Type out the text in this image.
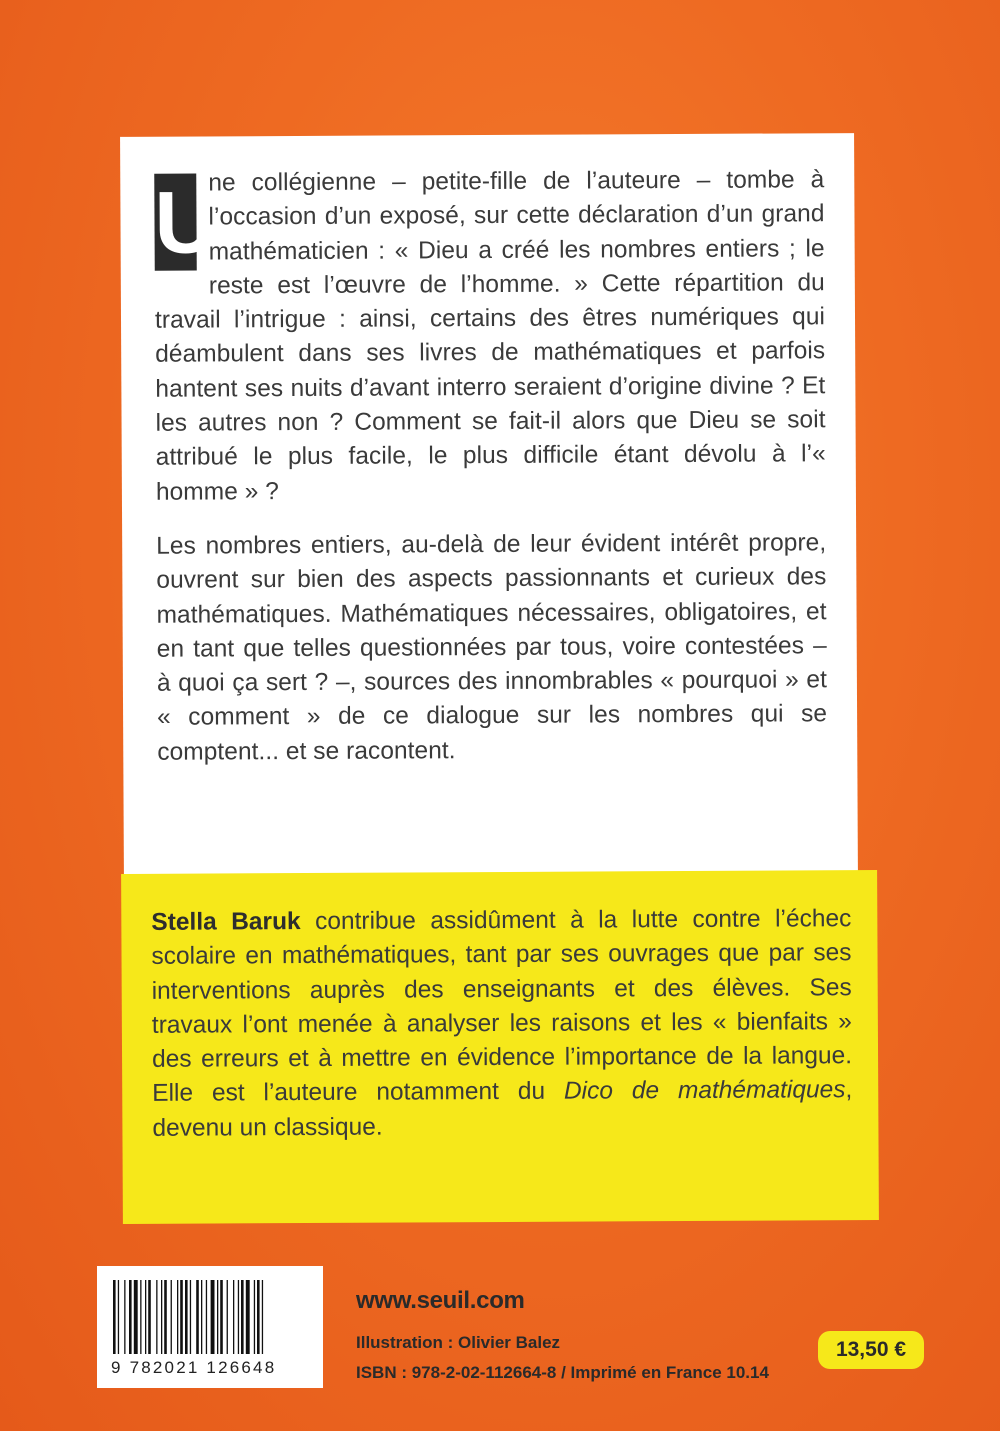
U
ne collégienne – petite-fille de l’auteure – tombe à l’occasion d’un exposé, sur cette déclaration d’un grand mathématicien : « Dieu a créé les nombres entiers ; le reste est l’œuvre de l’homme. » Cette répartition du travail l’intrigue : ainsi, certains des êtres numériques qui déambulent dans ses livres de mathématiques et parfois hantent ses nuits d’avant interro seraient d’origine divine ? Et les autres non ? Comment se fait-il alors que Dieu se soit attribué le plus facile, le plus difficile étant dévolu à l’« homme » ?

Les nombres entiers, au-delà de leur évident intérêt propre, ouvrent sur bien des aspects passionnants et curieux des mathématiques. Mathématiques nécessaires, obligatoires, et en tant que telles questionnées par tous, voire contestées – à quoi ça sert ? –, sources des innombrables « pourquoi » et « comment » de ce dialogue sur les nombres qui se comptent... et se racontent.

Stella Baruk contribue assidûment à la lutte contre l’échec scolaire en mathématiques, tant par ses ouvrages que par ses interventions auprès des enseignants et des élèves. Ses travaux l’ont menée à analyser les raisons et les « bienfaits » des erreurs et à mettre en évidence l’importance de la langue. Elle est l’auteure notamment du Dico de mathématiques, devenu un classique.

9 782021 126648
www.seuil.com
Illustration : Olivier Balez
ISBN : 978-2-02-112664-8 / Imprimé en France 10.14
13,50 €
